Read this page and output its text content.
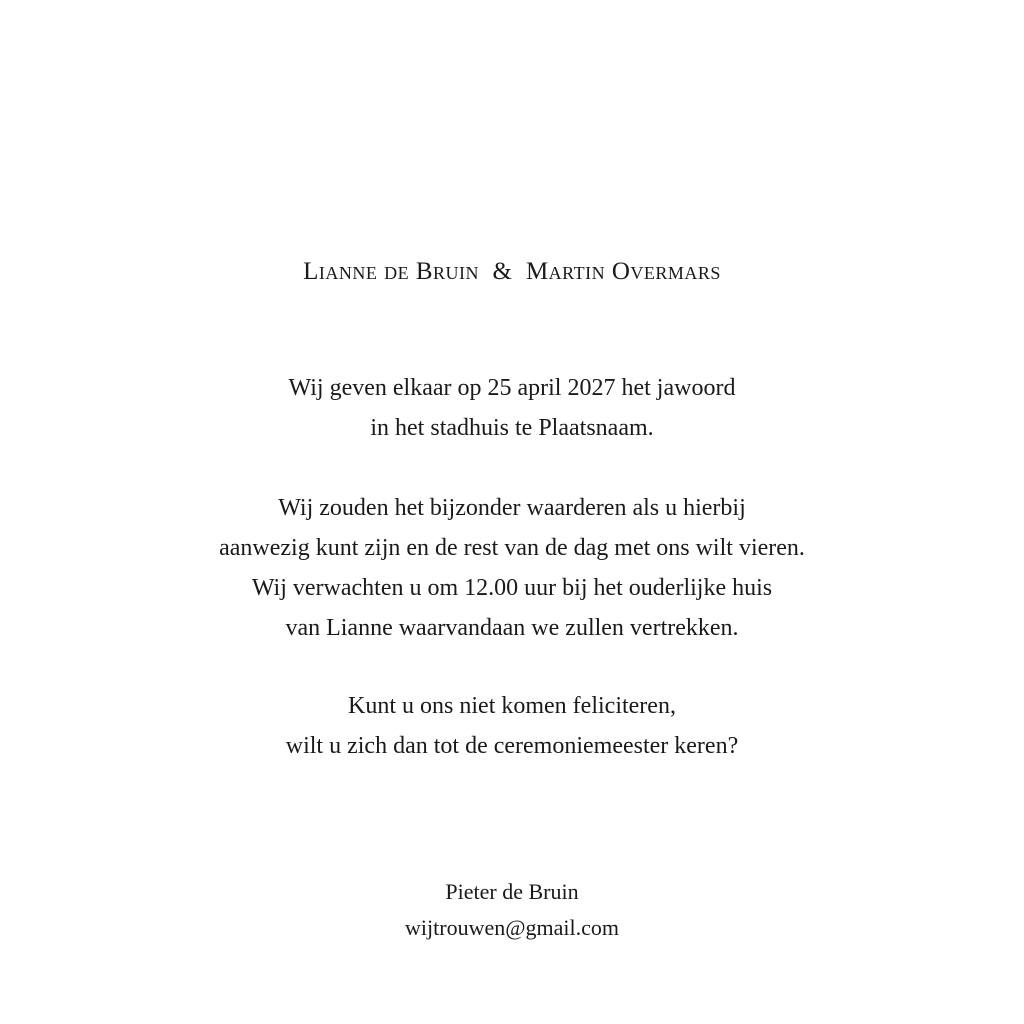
Lianne de Bruin & Martin Overmars
Wij geven elkaar op 25 april 2027 het jawoord
in het stadhuis te Plaatsnaam.
Wij zouden het bijzonder waarderen als u hierbij
aanwezig kunt zijn en de rest van de dag met ons wilt vieren.
Wij verwachten u om 12.00 uur bij het ouderlijke huis
van Lianne waarvandaan we zullen vertrekken.
Kunt u ons niet komen feliciteren,
wilt u zich dan tot de ceremoniemeester keren?
Pieter de Bruin
wijtrouwen@gmail.com
